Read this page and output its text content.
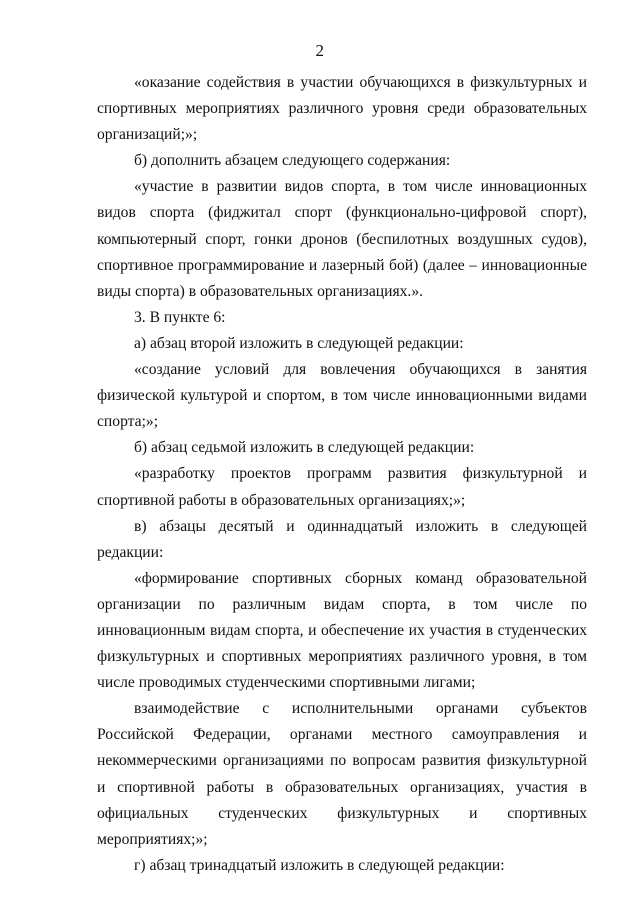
2

«оказание содействия в участии обучающихся в физкультурных и спортивных мероприятиях различного уровня среди образовательных организаций;»;

б) дополнить абзацем следующего содержания:

«участие в развитии видов спорта, в том числе инновационных видов спорта (фиджитал спорт (функционально-цифровой спорт), компьютерный спорт, гонки дронов (беспилотных воздушных судов), спортивное программирование и лазерный бой) (далее – инновационные виды спорта) в образовательных организациях.».

3. В пункте 6:

а) абзац второй изложить в следующей редакции:

«создание условий для вовлечения обучающихся в занятия физической культурой и спортом, в том числе инновационными видами спорта;»;

б) абзац седьмой изложить в следующей редакции:

«разработку проектов программ развития физкультурной и спортивной работы в образовательных организациях;»;

в) абзацы десятый и одиннадцатый изложить в следующей редакции:

«формирование спортивных сборных команд образовательной организации по различным видам спорта, в том числе по инновационным видам спорта, и обеспечение их участия в студенческих физкультурных и спортивных мероприятиях различного уровня, в том числе проводимых студенческими спортивными лигами;

взаимодействие с исполнительными органами субъектов Российской Федерации, органами местного самоуправления и некоммерческими организациями по вопросам развития физкультурной и спортивной работы в образовательных организациях, участия в официальных студенческих физкультурных и спортивных мероприятиях;»;

г) абзац тринадцатый изложить в следующей редакции:
